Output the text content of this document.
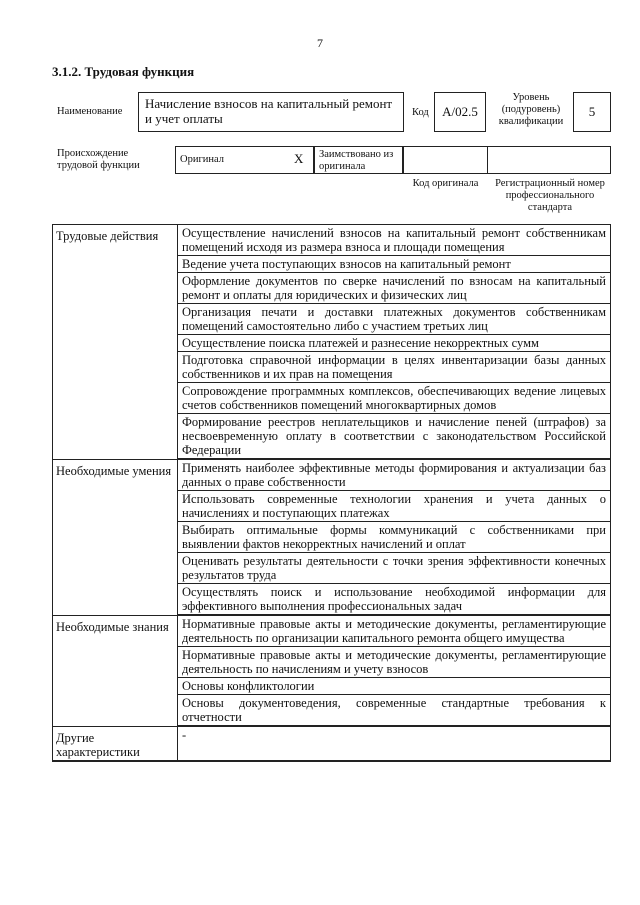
7
3.1.2. Трудовая функция
Наименование
Начисление взносов на капитальный ремонт и учет оплаты	Код	A/02.5
Уровень (подуровень) квалификации
5
Происхождение трудовой функции
Оригинал	X Заимствовано из оригинала
Код оригинала	Регистрационный номер профессионального стандарта
Трудовые действия	Осуществление начислений взносов на капитальный ремонт собственникам помещений исходя из размера взноса и площади помещения
	Ведение учета поступающих взносов на капитальный ремонт
	Оформление документов по сверке начислений по взносам на капитальный ремонт и оплаты для юридических и физических лиц
	Организация печати и доставки платежных документов собственникам помещений самостоятельно либо с участием третьих лиц
	Осуществление поиска платежей и разнесение некорректных сумм
	Подготовка справочной информации в целях инвентаризации базы данных собственников и их прав на помещения
	Сопровождение программных комплексов, обеспечивающих ведение лицевых счетов собственников помещений многоквартирных домов
	Формирование реестров неплательщиков и начисление пеней (штрафов) за несвоевременную оплату в соответствии с законодательством Российской Федерации
Необходимые умения	Применять наиболее эффективные методы формирования и актуализации баз данных о праве собственности
	Использовать современные технологии хранения и учета данных о начислениях и поступающих платежах
	Выбирать оптимальные формы коммуникаций с собственниками при выявлении фактов некорректных начислений и оплат
	Оценивать результаты деятельности с точки зрения эффективности конечных результатов труда
	Осуществлять поиск и использование необходимой информации для эффективного выполнения профессиональных задач
Необходимые знания	Нормативные правовые акты и методические документы, регламентирующие деятельность по организации капитального ремонта общего имущества
	Нормативные правовые акты и методические документы, регламентирующие деятельность по начислениям и учету взносов
	Основы конфликтологии
	Основы документоведения, современные стандартные требования к отчетности
Другие характеристики	-
